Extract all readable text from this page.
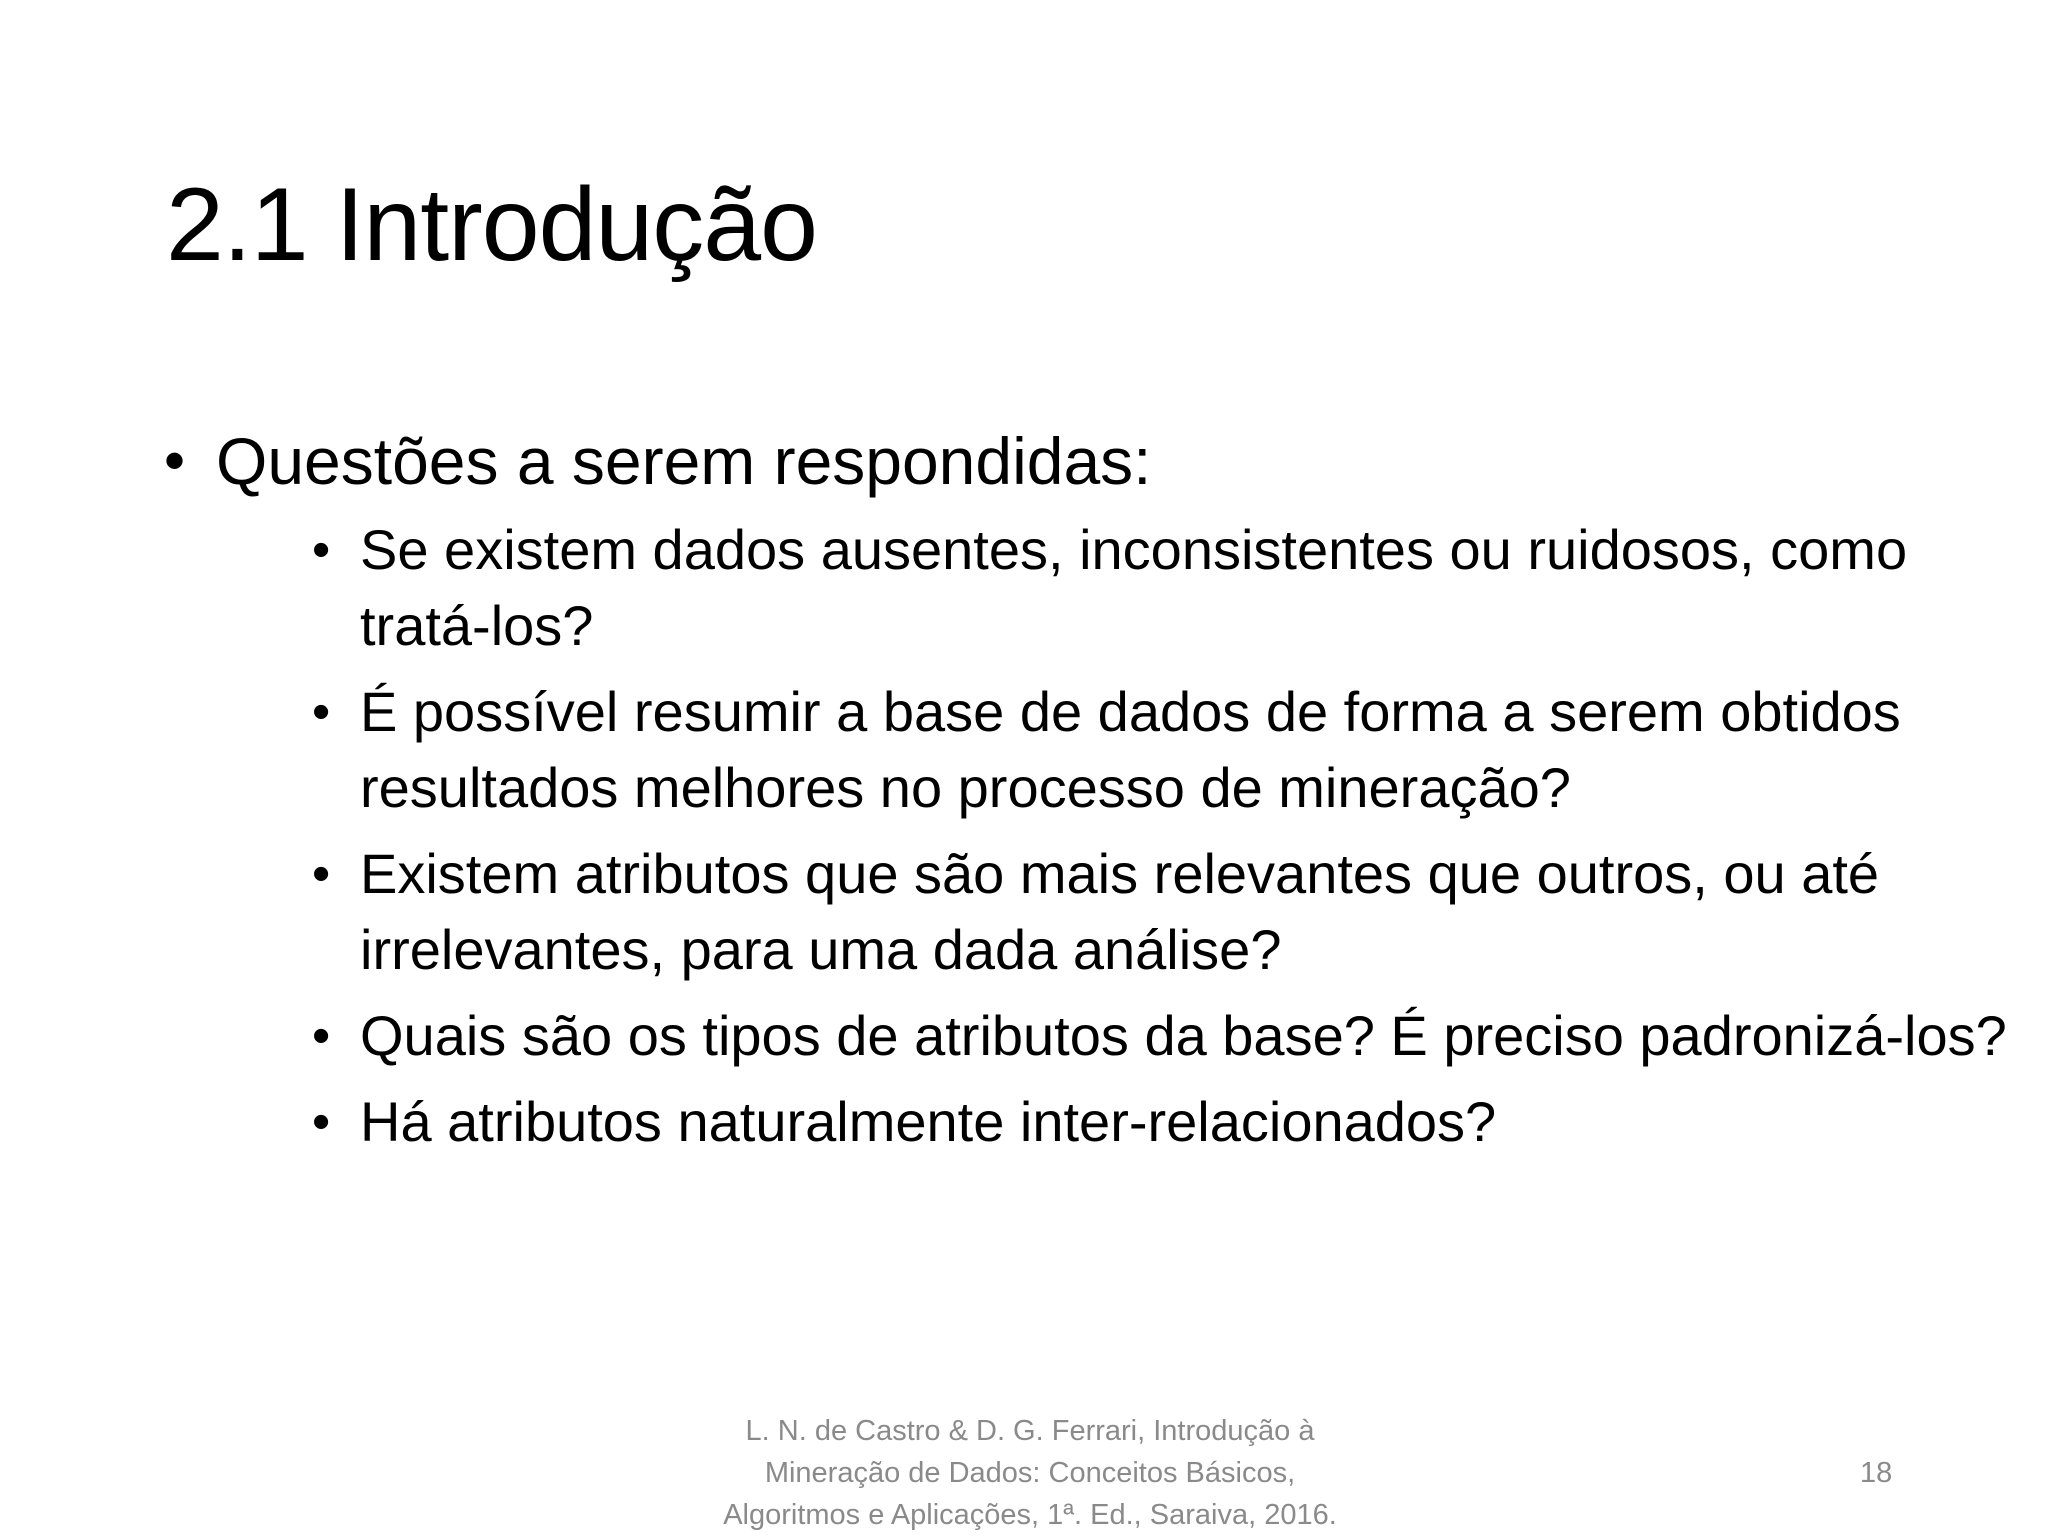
2.1 Introdução
• Questões a serem respondidas:
• Se existem dados ausentes, inconsistentes ou ruidosos, como tratá-los?
• É possível resumir a base de dados de forma a serem obtidos resultados melhores no processo de mineração?
• Existem atributos que são mais relevantes que outros, ou até irrelevantes, para uma dada análise?
• Quais são os tipos de atributos da base? É preciso padronizá-los?
• Há atributos naturalmente inter-relacionados?
L. N. de Castro & D. G. Ferrari, Introdução à
Mineração de Dados: Conceitos Básicos,
Algoritmos e Aplicações, 1ª. Ed., Saraiva, 2016.
18
